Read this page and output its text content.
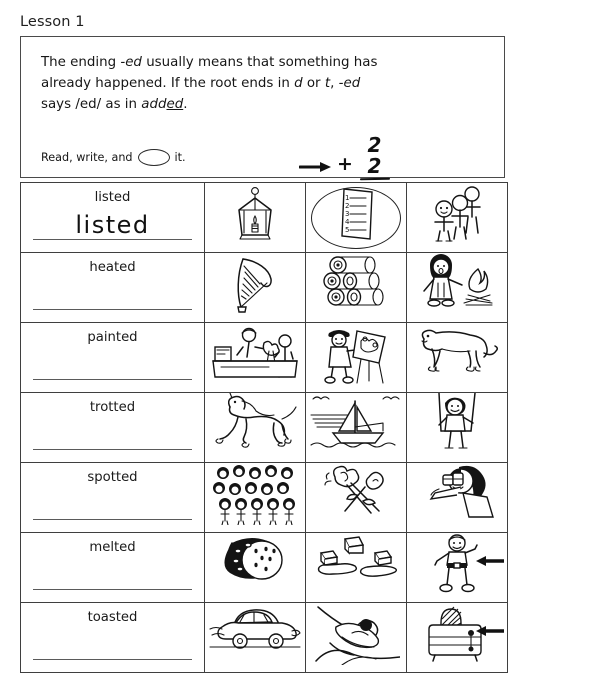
Lesson 1
The ending -ed usually means that something has already happened. If the root ends in d or t, -ed says /ed/ as in added.
Read, write, and	it.	+
2
2
listed
listed

1
2
3
4
5

heated

painted

trotted

spotted

melted

toasted
